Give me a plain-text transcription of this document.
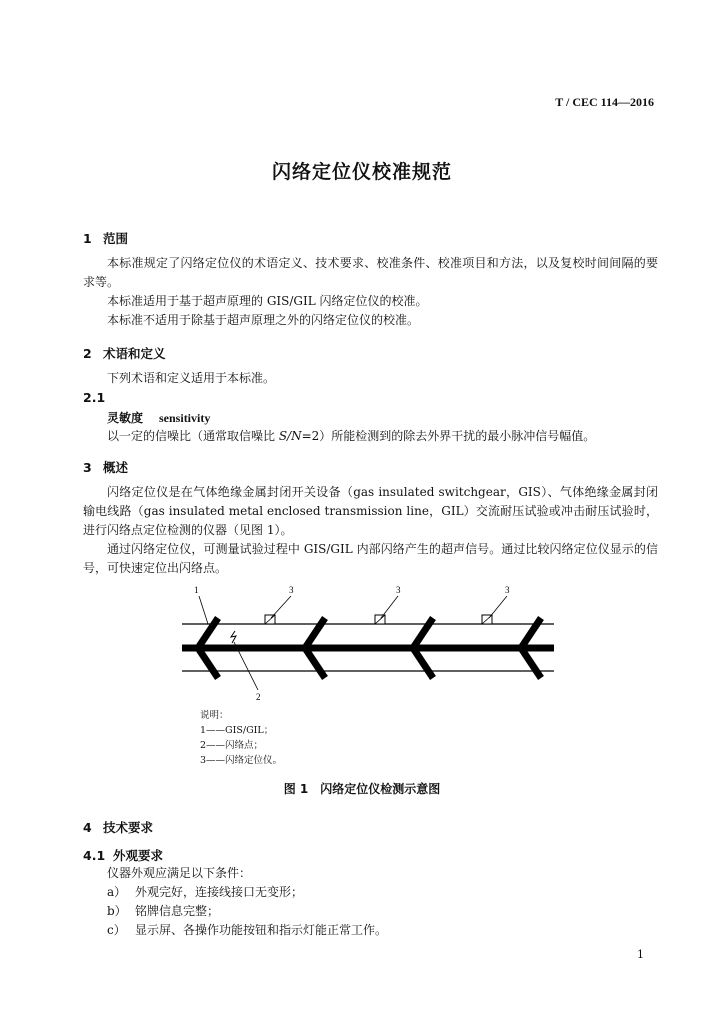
T / CEC 114—2016
闪络定位仪校准规范
1 范围
本标准规定了闪络定位仪的术语定义、技术要求、校准条件、校准项目和方法，以及复校时间间隔的要求等。
本标准适用于基于超声原理的 GIS/GIL 闪络定位仪的校准。
本标准不适用于除基于超声原理之外的闪络定位仪的校准。
2 术语和定义
下列术语和定义适用于本标准。
2.1
灵敏度 sensitivity
以一定的信噪比（通常取信噪比 S/N=2）所能检测到的除去外界干扰的最小脉冲信号幅值。
3 概述
闪络定位仪是在气体绝缘金属封闭开关设备（gas insulated switchgear，GIS）、气体绝缘金属封闭输电线路（gas insulated metal enclosed transmission line，GIL）交流耐压试验或冲击耐压试验时，进行闪络点定位检测的仪器（见图 1）。
通过闪络定位仪，可测量试验过程中 GIS/GIL 内部闪络产生的超声信号。通过比较闪络定位仪显示的信号，可快速定位出闪络点。
1	3	3	3
2
说明：
1——GIS/GIL；
2——闪络点；
3——闪络定位仪。
图 1　闪络定位仪检测示意图
4 技术要求
4.1 外观要求
仪器外观应满足以下条件：
a） 外观完好，连接线接口无变形；
b） 铭牌信息完整；
c） 显示屏、各操作功能按钮和指示灯能正常工作。
1
